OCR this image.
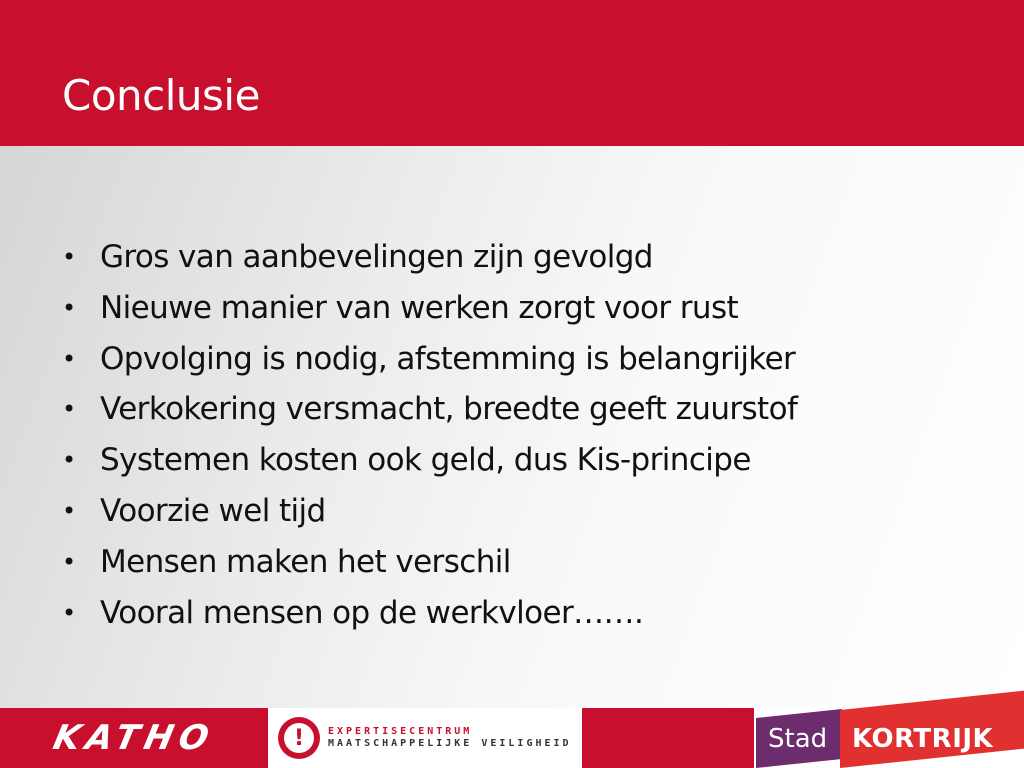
Conclusie
• Gros van aanbevelingen zijn gevolgd
• Nieuwe manier van werken zorgt voor rust
• Opvolging is nodig, afstemming is belangrijker
• Verkokering versmacht, breedte geeft zuurstof
• Systemen kosten ook geld, dus Kis-principe
• Voorzie wel tijd
• Mensen maken het verschil
• Vooral mensen op de werkvloer…….
KATHO	!	EXPERTISECENTRUM
MAATSCHAPPELIJKE VEILIGHEID	Stad KORTRIJK
